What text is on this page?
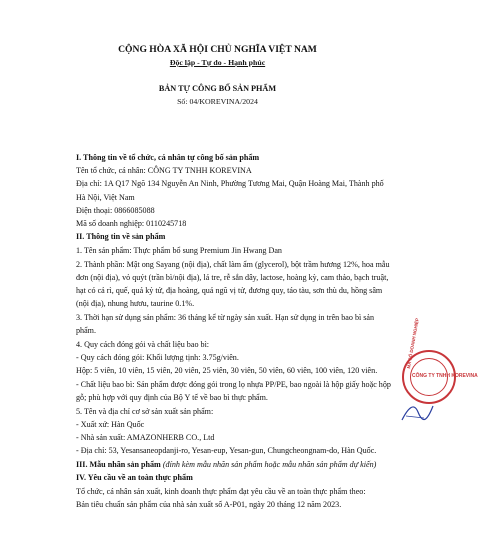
CỘNG HÒA XÃ HỘI CHỦ NGHĨA VIỆT NAM
Độc lập - Tự do - Hạnh phúc
BẢN TỰ CÔNG BỐ SẢN PHẨM
Số: 04/KOREVINA/2024
I. Thông tin về tổ chức, cá nhân tự công bố sản phẩm
Tên tổ chức, cá nhân: CÔNG TY TNHH KOREVINA
Địa chỉ: 1A Q17 Ngõ 134 Nguyễn An Ninh, Phường Tương Mai, Quận Hoàng Mai, Thành phố
Hà Nội, Việt Nam
Điện thoại: 0866085088
Mã số doanh nghiệp: 0110245718
II. Thông tin về sản phẩm
1. Tên sản phẩm: Thực phẩm bổ sung Premium Jin Hwang Dan
2. Thành phần: Mật ong Sayang (nội địa), chất làm ẩm (glycerol), bột trầm hương 12%, hoa mẫu
đơn (nội địa), vỏ quýt (trần bì/nội địa), lá tre, rễ sắn dây, lactose, hoàng kỳ, cam thảo, bạch truật,
hạt có cả rì, quế, quả kỷ tử, địa hoàng, quả ngũ vị tử, đương quy, táo tàu, sơn thù du, hồng sâm
(nội địa), nhung hươu, taurine 0.1%.
3. Thời hạn sử dụng sản phẩm: 36 tháng kể từ ngày sản xuất. Hạn sử dụng in trên bao bì sản
phẩm.
4. Quy cách đóng gói và chất liệu bao bì:
- Quy cách đóng gói: Khối lượng tịnh: 3.75g/viên.
Hộp: 5 viên, 10 viên, 15 viên, 20 viên, 25 viên, 30 viên, 50 viên, 60 viên, 100 viên, 120 viên.
- Chất liệu bao bì: Sản phẩm được đóng gói trong lọ nhựa PP/PE, bao ngoài là hộp giấy hoặc hộp
gỗ; phù hợp với quy định của Bộ Y tế về bao bì thực phẩm.
5. Tên và địa chỉ cơ sở sản xuất sản phẩm:
- Xuất xứ: Hàn Quốc
- Nhà sản xuất: AMAZONHERB CO., Ltd
- Địa chỉ: 53, Yesansaneopdanji-ro, Yesan-eup, Yesan-gun, Chungcheongnam-do, Hàn Quốc.
III. Mẫu nhãn sản phẩm (đính kèm mẫu nhãn sản phẩm hoặc mẫu nhãn sản phẩm dự kiến)
IV. Yêu cầu về an toàn thực phẩm
Tổ chức, cá nhân sản xuất, kinh doanh thực phẩm đạt yêu cầu về an toàn thực phẩm theo:
Bản tiêu chuẩn sản phẩm của nhà sản xuất số A-P01, ngày 20 tháng 12 năm 2023.
MÃ SỐ DOANH NGHIỆP
CÔNG TY TNHH KOREVINA
